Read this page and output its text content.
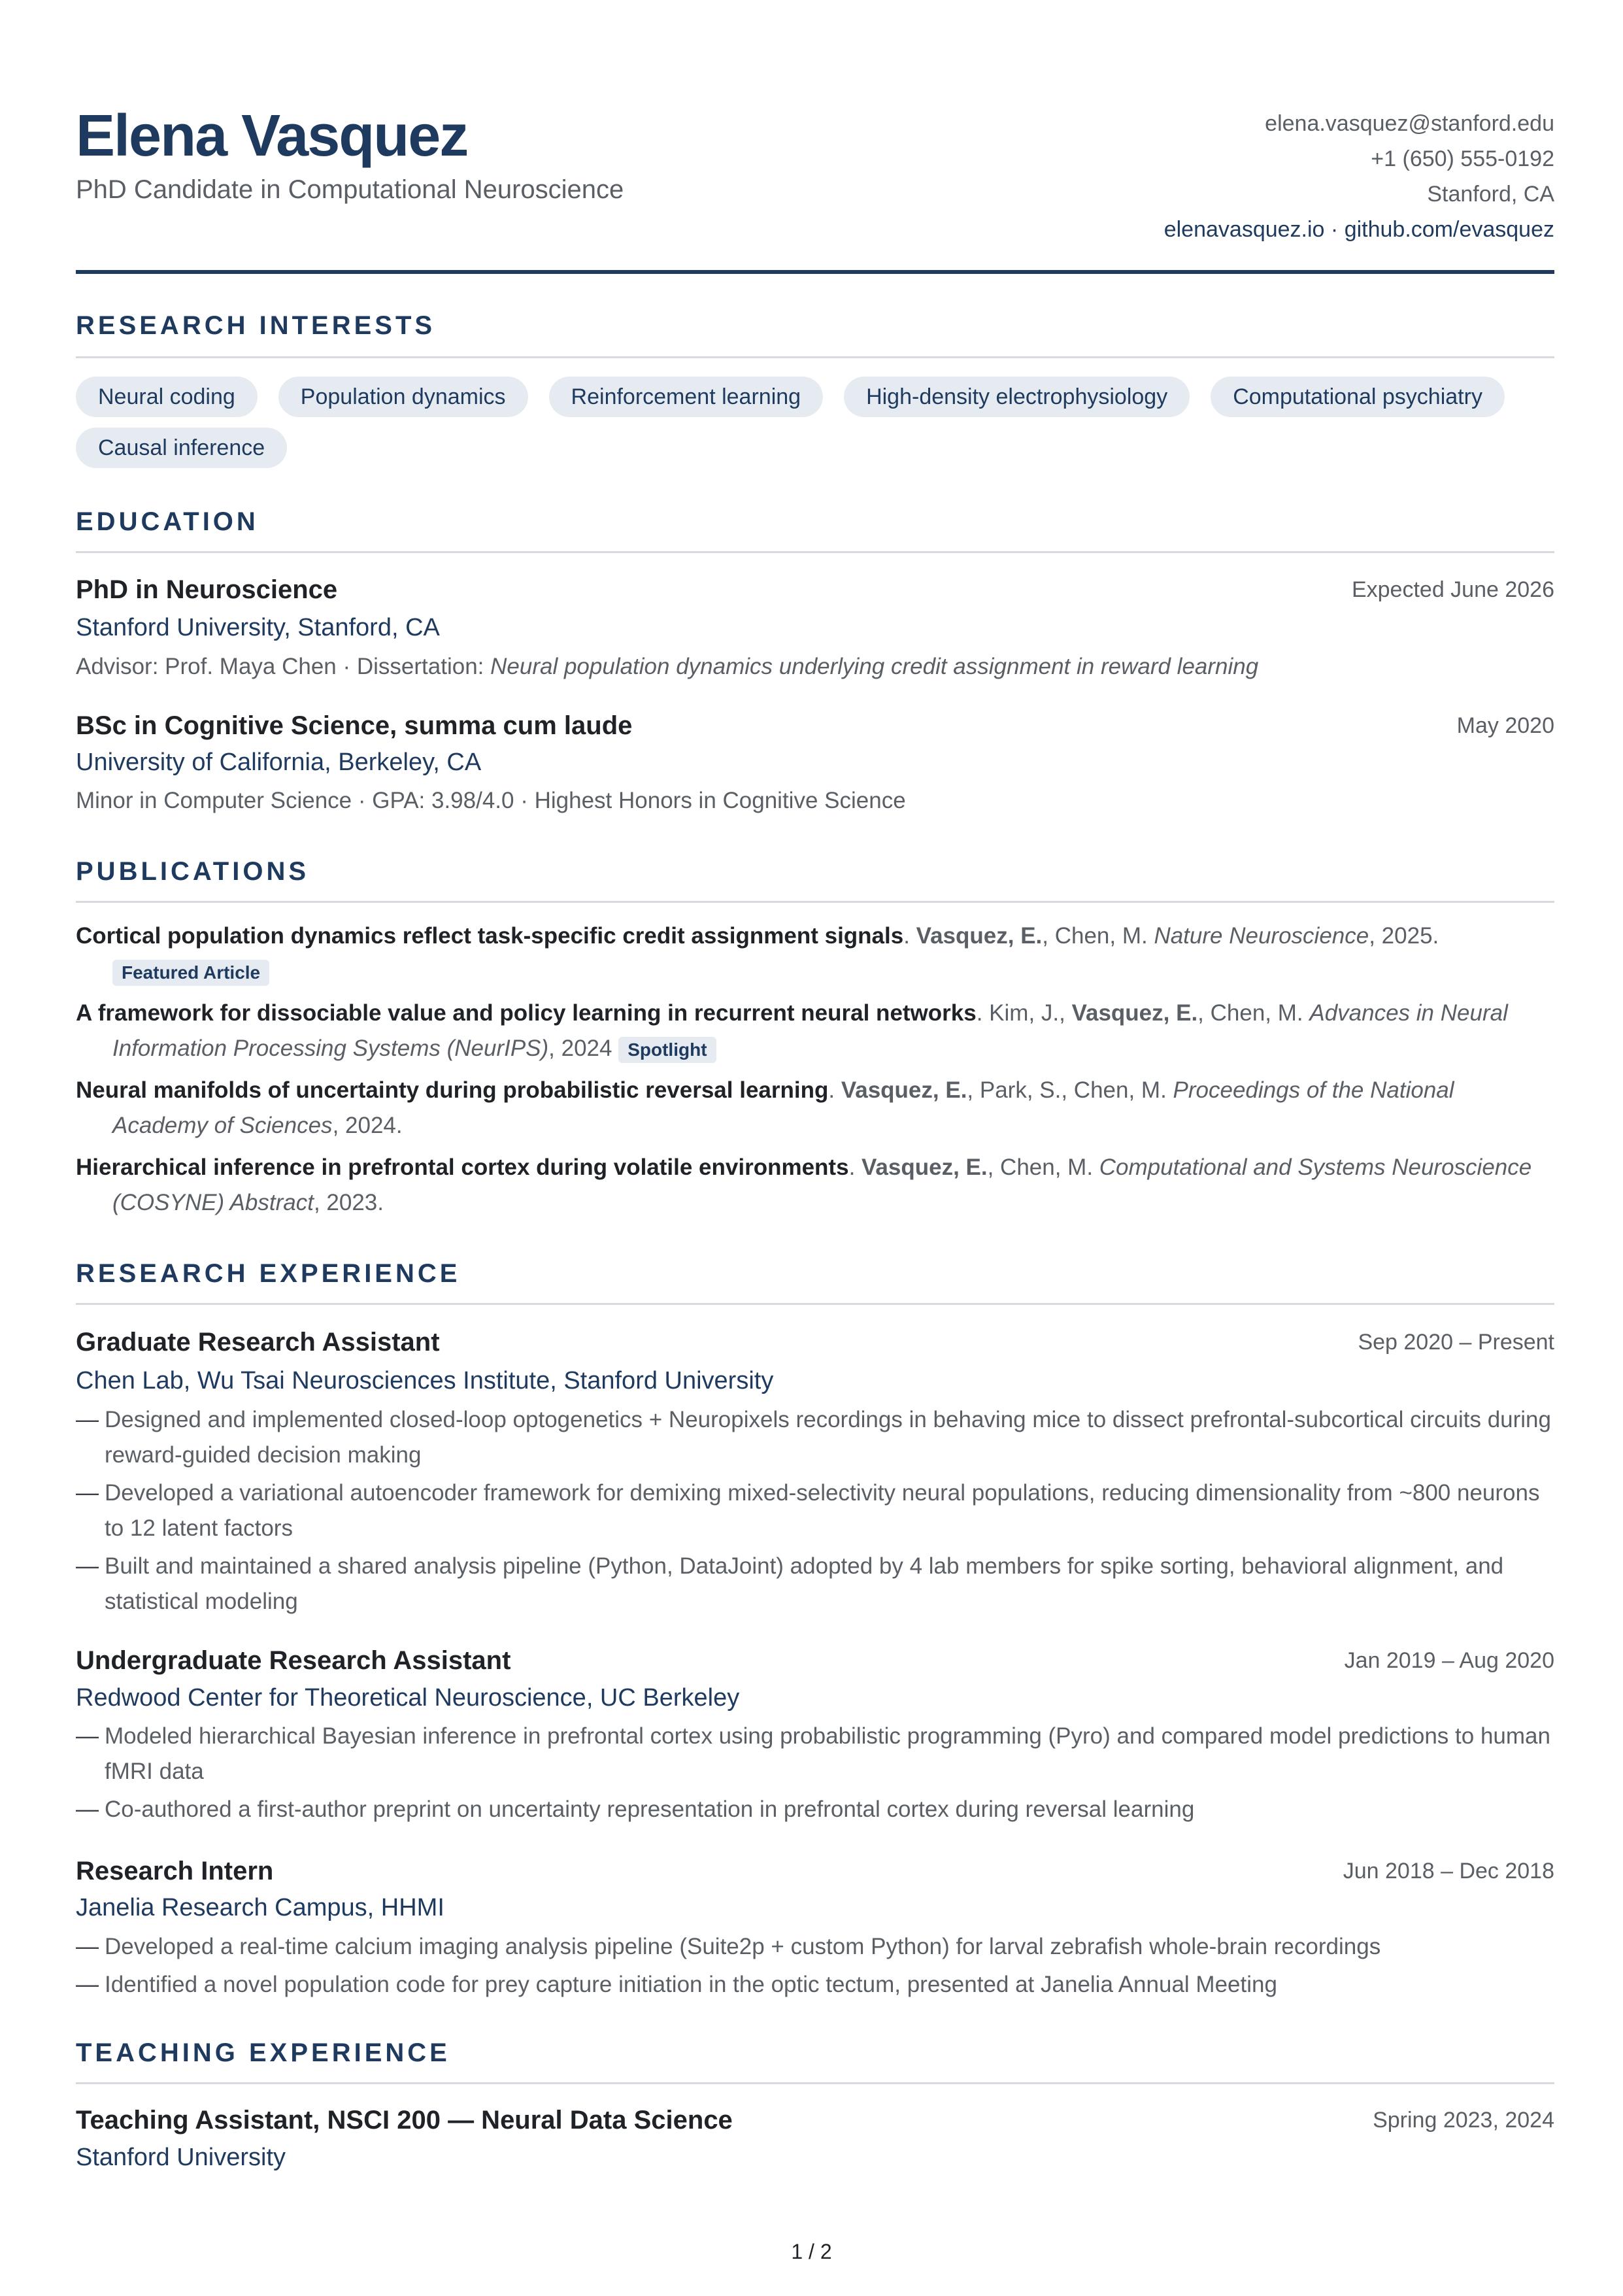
Elena Vasquez
PhD Candidate in Computational Neuroscience
elena.vasquez@stanford.edu
+1 (650) 555-0192
Stanford, CA
elenavasquez.io · github.com/evasquez
RESEARCH INTERESTS
Neural coding	Population dynamics	Reinforcement learning	High-density electrophysiology	Computational psychiatry
Causal inference
EDUCATION
PhD in Neuroscience	Expected June 2026
Stanford University, Stanford, CA
Advisor: Prof. Maya Chen · Dissertation: Neural population dynamics underlying credit assignment in reward learning
BSc in Cognitive Science, summa cum laude	May 2020
University of California, Berkeley, CA
Minor in Computer Science · GPA: 3.98/4.0 · Highest Honors in Cognitive Science
PUBLICATIONS
Cortical population dynamics reflect task-specific credit assignment signals. Vasquez, E., Chen, M. Nature Neuroscience, 2025.
Featured Article
A framework for dissociable value and policy learning in recurrent neural networks. Kim, J., Vasquez, E., Chen, M. Advances in Neural Information Processing Systems (NeurIPS), 2024 Spotlight
Neural manifolds of uncertainty during probabilistic reversal learning. Vasquez, E., Park, S., Chen, M. Proceedings of the National Academy of Sciences, 2024.
Hierarchical inference in prefrontal cortex during volatile environments. Vasquez, E., Chen, M. Computational and Systems Neuroscience (COSYNE) Abstract, 2023.
RESEARCH EXPERIENCE
Graduate Research Assistant	Sep 2020 – Present
Chen Lab, Wu Tsai Neurosciences Institute, Stanford University
— Designed and implemented closed-loop optogenetics + Neuropixels recordings in behaving mice to dissect prefrontal-subcortical circuits during reward-guided decision making
— Developed a variational autoencoder framework for demixing mixed-selectivity neural populations, reducing dimensionality from ~800 neurons to 12 latent factors
— Built and maintained a shared analysis pipeline (Python, DataJoint) adopted by 4 lab members for spike sorting, behavioral alignment, and statistical modeling
Undergraduate Research Assistant	Jan 2019 – Aug 2020
Redwood Center for Theoretical Neuroscience, UC Berkeley
— Modeled hierarchical Bayesian inference in prefrontal cortex using probabilistic programming (Pyro) and compared model predictions to human fMRI data
— Co-authored a first-author preprint on uncertainty representation in prefrontal cortex during reversal learning
Research Intern	Jun 2018 – Dec 2018
Janelia Research Campus, HHMI
— Developed a real-time calcium imaging analysis pipeline (Suite2p + custom Python) for larval zebrafish whole-brain recordings
— Identified a novel population code for prey capture initiation in the optic tectum, presented at Janelia Annual Meeting
TEACHING EXPERIENCE
Teaching Assistant, NSCI 200 — Neural Data Science	Spring 2023, 2024
Stanford University
1 / 2
